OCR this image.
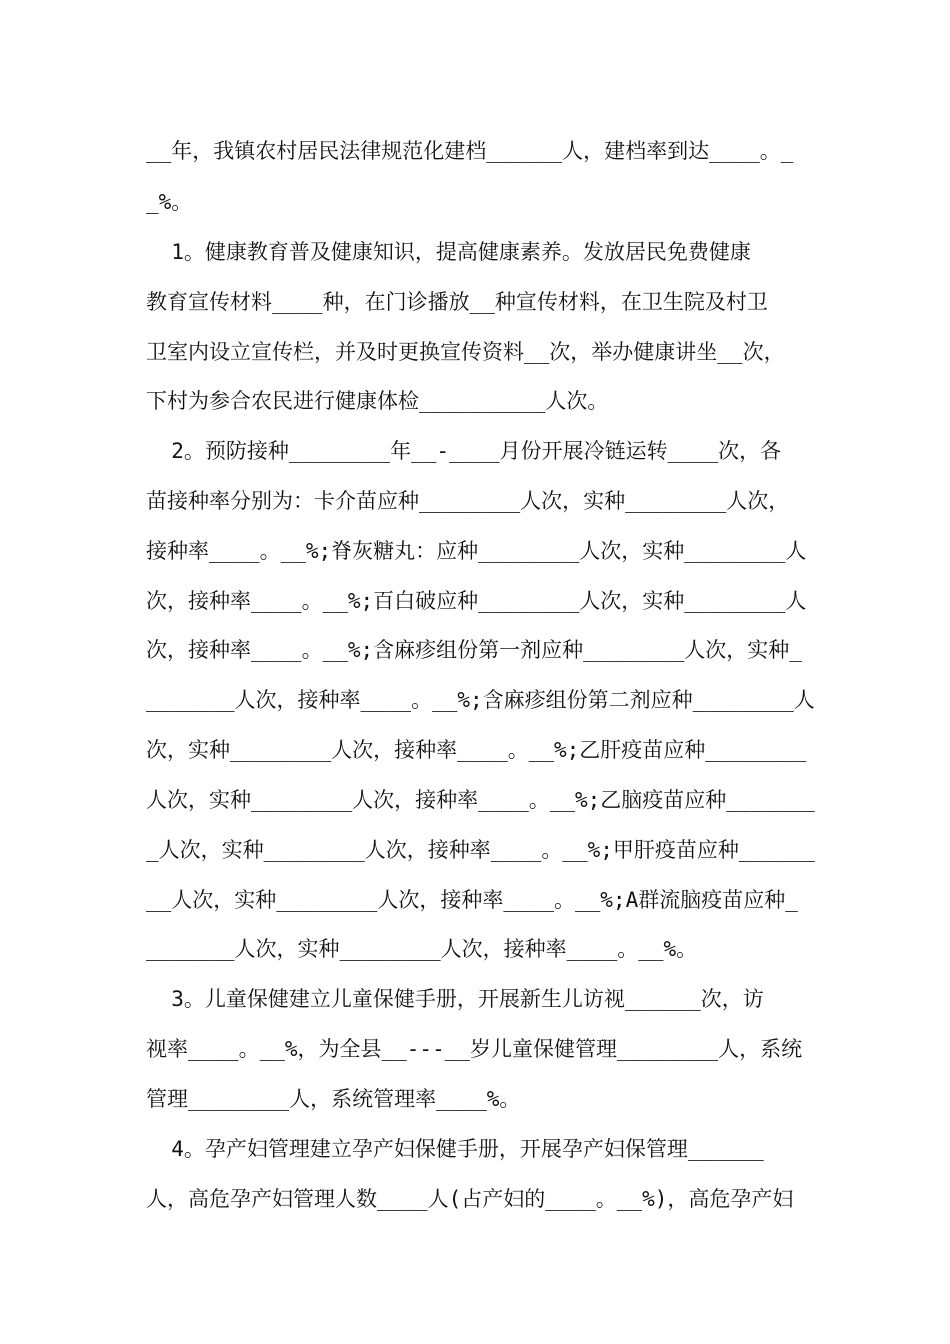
__年，我镇农村居民法律规范化建档______人，建档率到达____。_
_%。
1。健康教育普及健康知识，提高健康素养。发放居民免费健康
教育宣传材料____种，在门诊播放__种宣传材料，在卫生院及村卫
卫室内设立宣传栏，并及时更换宣传资料__次，举办健康讲坐__次，
下村为参合农民进行健康体检__________人次。
2。预防接种________年__-____月份开展冷链运转____次，各
苗接种率分别为：卡介苗应种________人次，实种________人次，
接种率____。__%;脊灰糖丸：应种________人次，实种________人
次，接种率____。__%;百白破应种________人次，实种________人
次，接种率____。__%;含麻疹组份第一剂应种________人次，实种_
_______人次，接种率____。__%;含麻疹组份第二剂应种________人
次，实种________人次，接种率____。__%;乙肝疫苗应种________
人次，实种________人次，接种率____。__%;乙脑疫苗应种_______
_人次，实种________人次，接种率____。__%;甲肝疫苗应种______
__人次，实种________人次，接种率____。__%;A群流脑疫苗应种_
_______人次，实种________人次，接种率____。__%。
3。儿童保健建立儿童保健手册，开展新生儿访视______次，访
视率____。__%，为全县__---__岁儿童保健管理________人，系统
管理________人，系统管理率____%。
4。孕产妇管理建立孕产妇保健手册，开展孕产妇保管理______
人，高危孕产妇管理人数____人(占产妇的____。__%)，高危孕产妇
